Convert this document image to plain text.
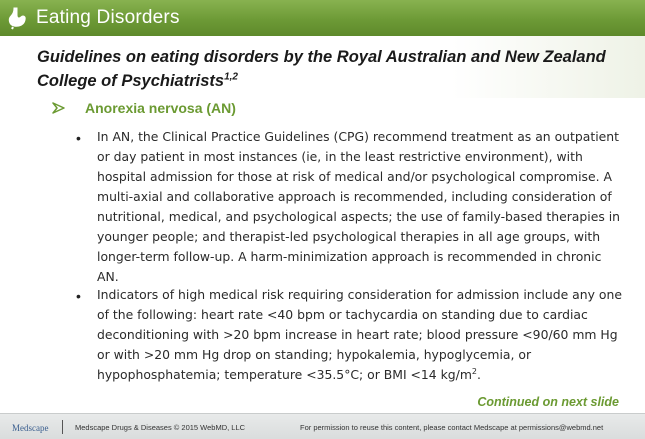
Eating Disorders
Guidelines on eating disorders by the Royal Australian and New Zealand College of Psychiatrists$^{1,2}$
Anorexia nervosa (AN)
• In AN, the Clinical Practice Guidelines (CPG) recommend treatment as an outpatient or day patient in most instances (ie, in the least restrictive environment), with hospital admission for those at risk of medical and/or psychological compromise. A multi-axial and collaborative approach is recommended, including consideration of nutritional, medical, and psychological aspects; the use of family-based therapies in younger people; and therapist-led psychological therapies in all age groups, with longer-term follow-up. A harm-minimization approach is recommended in chronic AN.
• Indicators of high medical risk requiring consideration for admission include any one of the following: heart rate <40 bpm or tachycardia on standing due to cardiac deconditioning with >20 bpm increase in heart rate; blood pressure <90/60 mm Hg or with >20 mm Hg drop on standing; hypokalemia, hypoglycemia, or hypophosphatemia; temperature <35.5°C; or BMI <14 $kg/m^2$.
Continued on next slide
Medscape	Medscape Drugs & Diseases © 2015 WebMD, LLC	For permission to reuse this content, please contact Medscape at permissions@webmd.net
